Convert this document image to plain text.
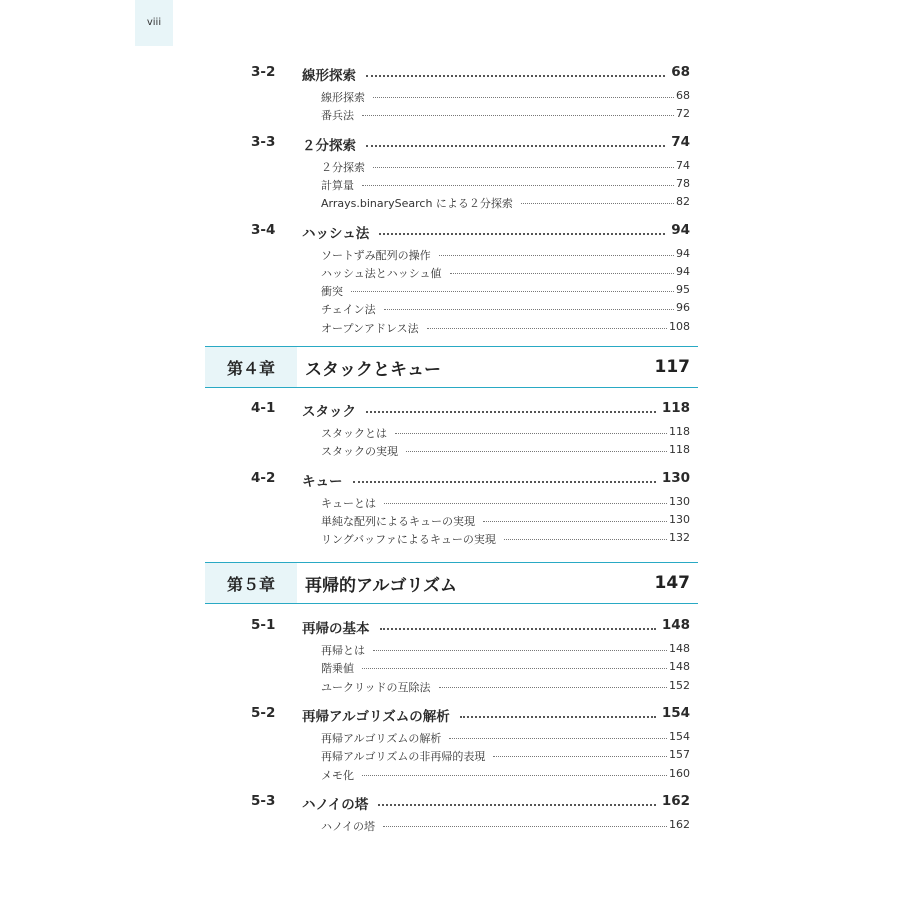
viii
3-2 線形探索	68
線形探索	68
番兵法	72
3-3 ２分探索	74
２分探索	74
計算量	78
Arrays.binarySearch による２分探索	82
3-4 ハッシュ法	94
ソートずみ配列の操作	94
ハッシュ法とハッシュ値	94
衝突	95
チェイン法	96
オープンアドレス法	108
第４章	スタックとキュー	117
4-1 スタック	118
スタックとは	118
スタックの実現	118
4-2 キュー	130
キューとは	130
単純な配列によるキューの実現	130
リングバッファによるキューの実現	132
第５章	再帰的アルゴリズム	147
5-1 再帰の基本	148
再帰とは	148
階乗値	148
ユークリッドの互除法	152
5-2 再帰アルゴリズムの解析	154
再帰アルゴリズムの解析	154
再帰アルゴリズムの非再帰的表現	157
メモ化	160
5-3 ハノイの塔	162
ハノイの塔	162
